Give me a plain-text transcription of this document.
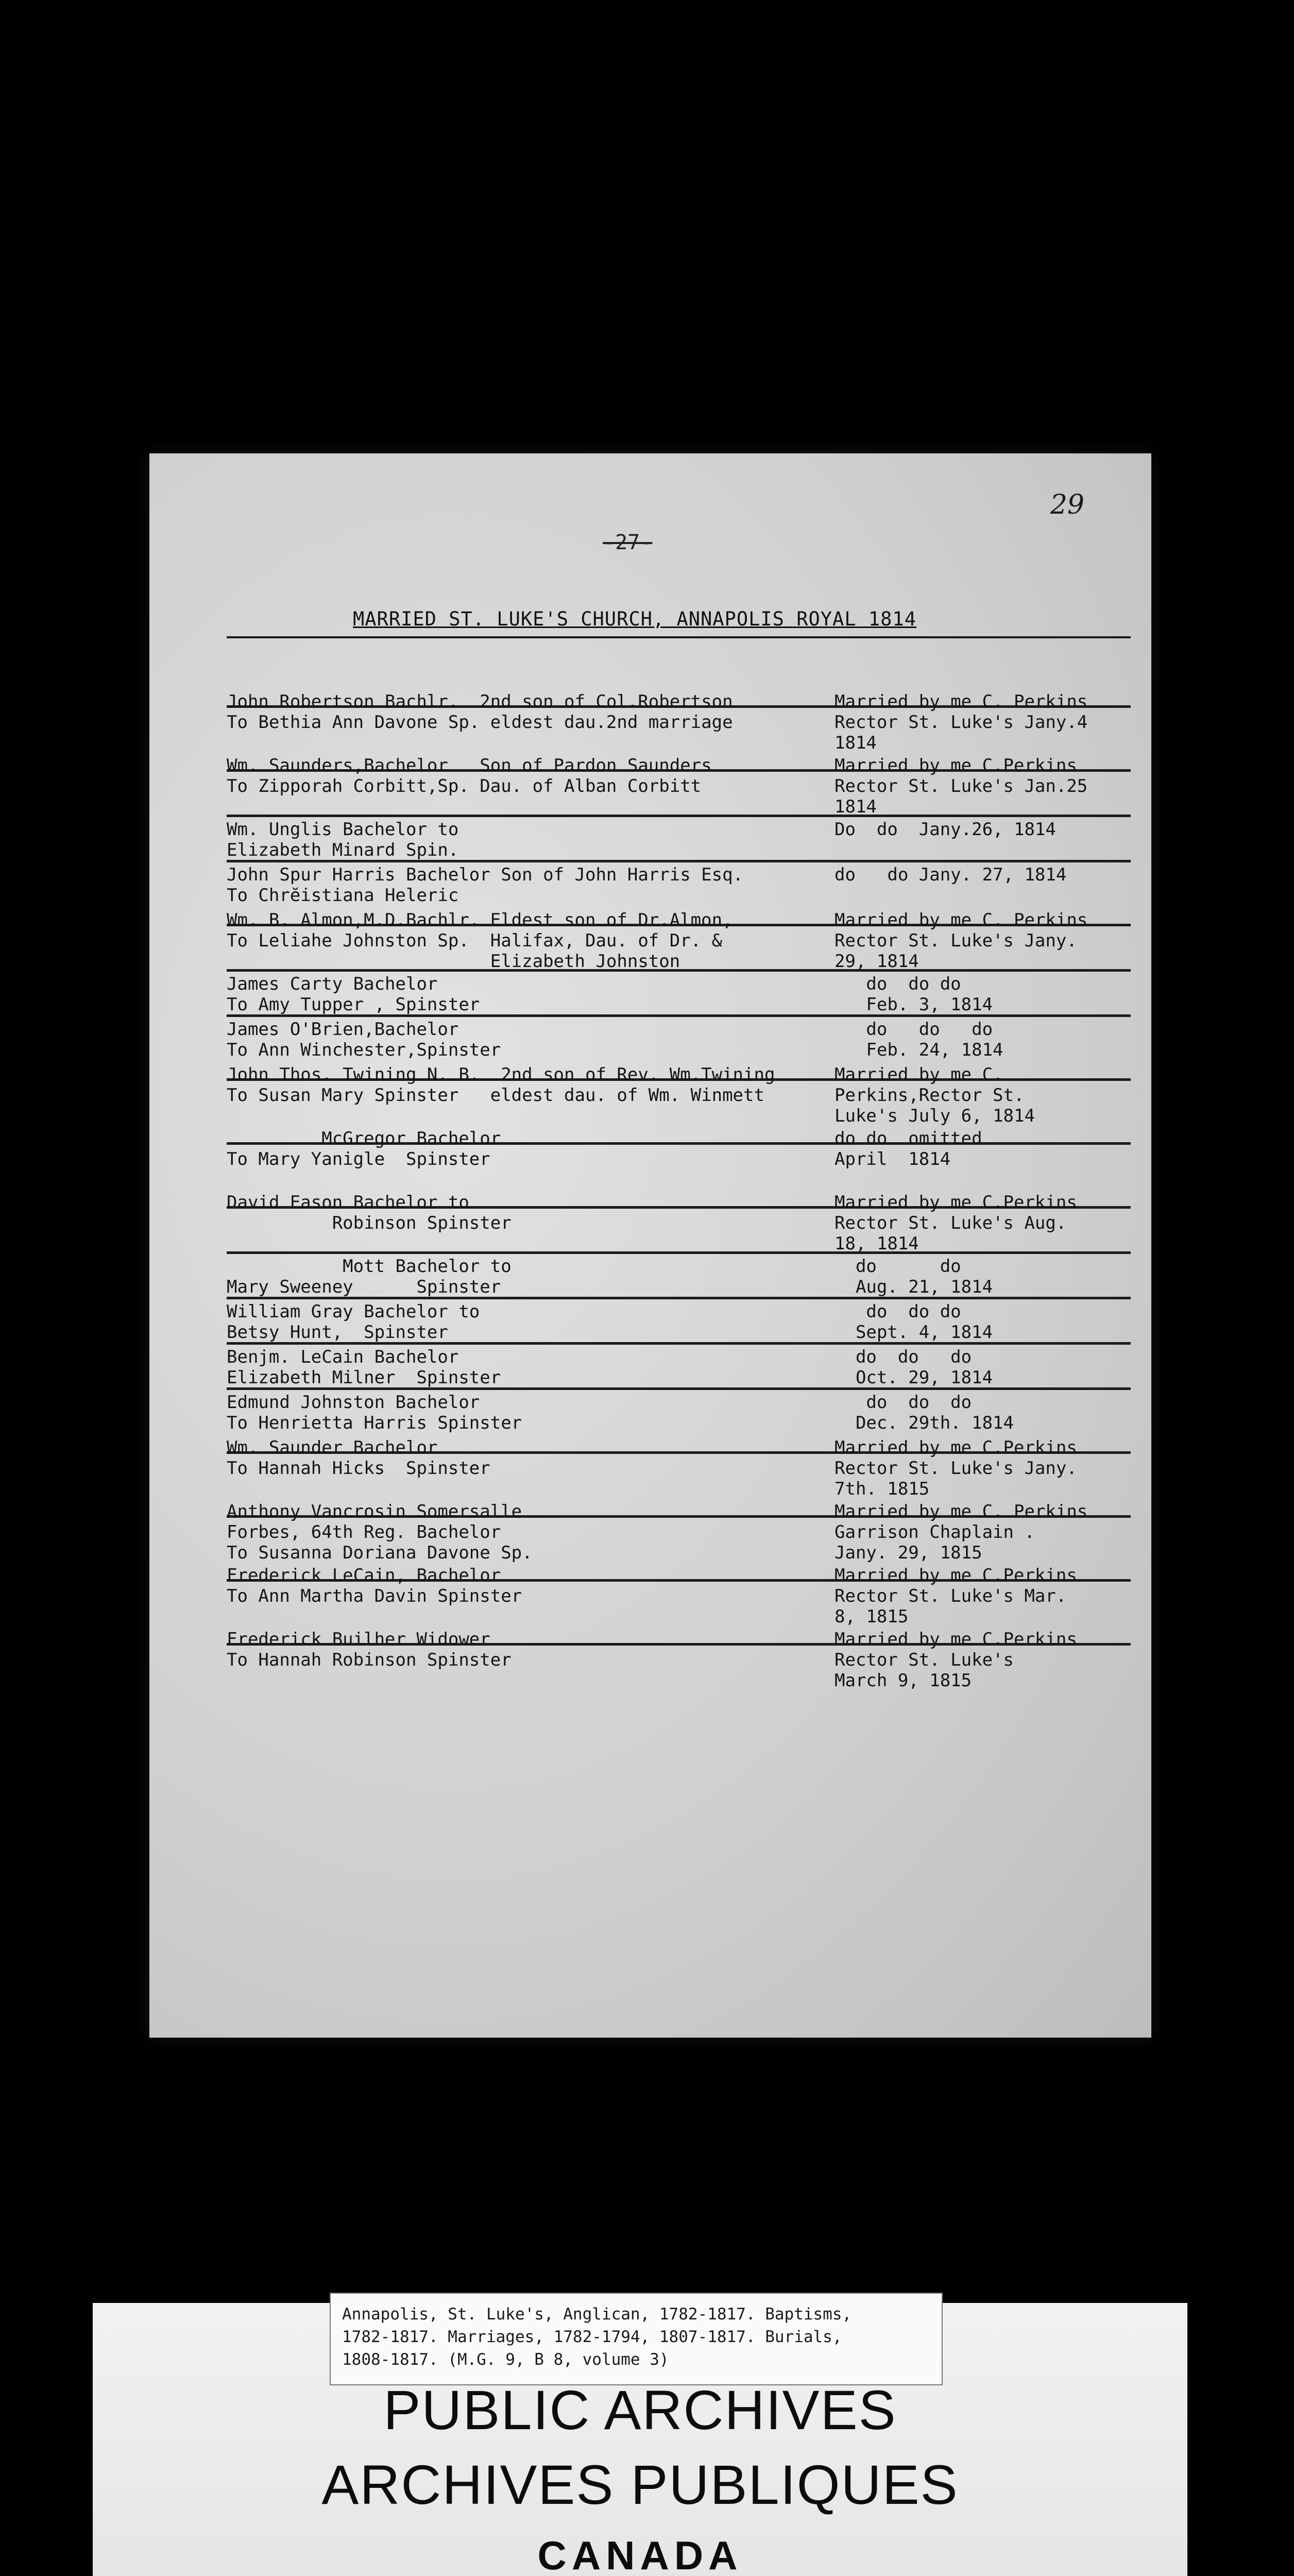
29
-27-
MARRIED ST. LUKE'S CHURCH, ANNAPOLIS ROYAL 1814

John Robertson Bachlr.  2nd son of Col.Robertson
To Bethia Ann Davone Sp. eldest dau.2nd marriage

Married by me C. Perkins
Rector St. Luke's Jany.4
1814

Wm. Saunders,Bachelor   Son of Pardon Saunders
To Zipporah Corbitt,Sp. Dau. of Alban Corbitt

Married by me C.Perkins
Rector St. Luke's Jan.25
1814

Wm. Unglis Bachelor to
Elizabeth Minard Spin.

Do  do  Jany.26, 1814

John Spur Harris Bachelor Son of John Harris Esq.
To Chrĕistiana Heleric

do   do Jany. 27, 1814

Wm. B. Almon,M.D.Bachlr. Eldest son of Dr.Almon,
To Leliahe Johnston Sp.  Halifax, Dau. of Dr. &
Elizabeth Johnston

Married by me C. Perkins
Rector St. Luke's Jany.
29, 1814

James Carty Bachelor
To Amy Tupper , Spinster

do  do do
Feb. 3, 1814

James O'Brien,Bachelor
To Ann Winchester,Spinster

do   do   do
Feb. 24, 1814

John Thos. Twining N. B.  2nd son of Rev. Wm.Twining
To Susan Mary Spinster   eldest dau. of Wm. Winmett

Married by me C.
Perkins,Rector St.
Luke's July 6, 1814

McGregor Bachelor
To Mary Yanigle  Spinster

do do  omitted
April  1814

David Eason Bachelor to
Robinson Spinster

Married by me C.Perkins
Rector St. Luke's Aug.
18, 1814

Mott Bachelor to
Mary Sweeney      Spinster

do      do
Aug. 21, 1814

William Gray Bachelor to
Betsy Hunt,  Spinster

do  do do
Sept. 4, 1814

Benjm. LeCain Bachelor
Elizabeth Milner  Spinster

do  do   do
Oct. 29, 1814

Edmund Johnston Bachelor
To Henrietta Harris Spinster

do  do  do
Dec. 29th. 1814

Wm. Saunder Bachelor
To Hannah Hicks  Spinster

Married by me C.Perkins
Rector St. Luke's Jany.
7th. 1815

Anthony Vancrosin Somersalle
Forbes, 64th Reg. Bachelor
To Susanna Doriana Davone Sp.

Married by me C. Perkins
Garrison Chaplain .
Jany. 29, 1815

Frederick LeCain, Bachelor
To Ann Martha Davin Spinster

Married by me C.Perkins
Rector St. Luke's Mar.
8, 1815

Frederick Builher Widower
To Hannah Robinson Spinster

Married by me C.Perkins
Rector St. Luke's
March 9, 1815

Annapolis, St. Luke's, Anglican, 1782-1817. Baptisms,
1782-1817. Marriages, 1782-1794, 1807-1817. Burials,
1808-1817. (M.G. 9, B 8, volume 3)
PUBLIC ARCHIVES
ARCHIVES PUBLIQUES
CANADA
